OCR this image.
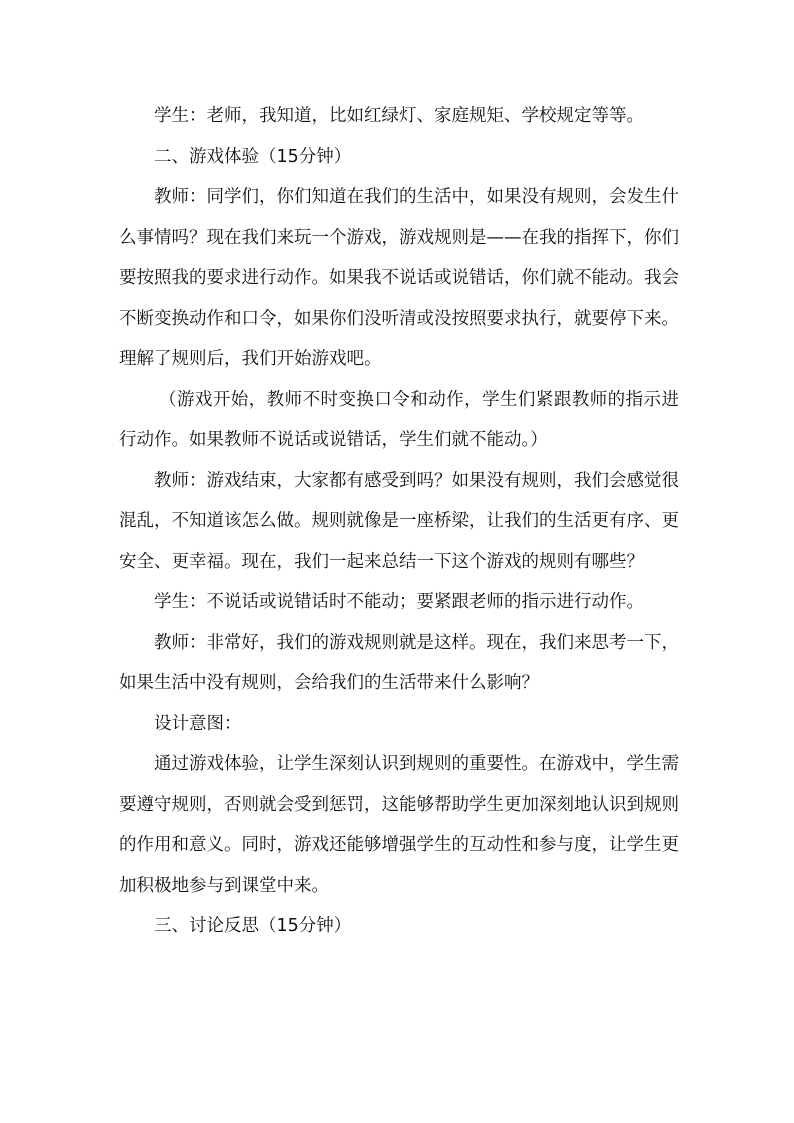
学生：老师，我知道，比如红绿灯、家庭规矩、学校规定等等。

二、游戏体验（15分钟）

教师：同学们，你们知道在我们的生活中，如果没有规则，会发生什么事情吗？现在我们来玩一个游戏，游戏规则是——在我的指挥下，你们要按照我的要求进行动作。如果我不说话或说错话，你们就不能动。我会不断变换动作和口令，如果你们没听清或没按照要求执行，就要停下来。理解了规则后，我们开始游戏吧。

（游戏开始，教师不时变换口令和动作，学生们紧跟教师的指示进行动作。如果教师不说话或说错话，学生们就不能动。）

教师：游戏结束，大家都有感受到吗？如果没有规则，我们会感觉很混乱，不知道该怎么做。规则就像是一座桥梁，让我们的生活更有序、更安全、更幸福。现在，我们一起来总结一下这个游戏的规则有哪些？

学生：不说话或说错话时不能动；要紧跟老师的指示进行动作。

教师：非常好，我们的游戏规则就是这样。现在，我们来思考一下，如果生活中没有规则，会给我们的生活带来什么影响？

设计意图：

通过游戏体验，让学生深刻认识到规则的重要性。在游戏中，学生需要遵守规则，否则就会受到惩罚，这能够帮助学生更加深刻地认识到规则的作用和意义。同时，游戏还能够增强学生的互动性和参与度，让学生更加积极地参与到课堂中来。

三、讨论反思（15分钟）
